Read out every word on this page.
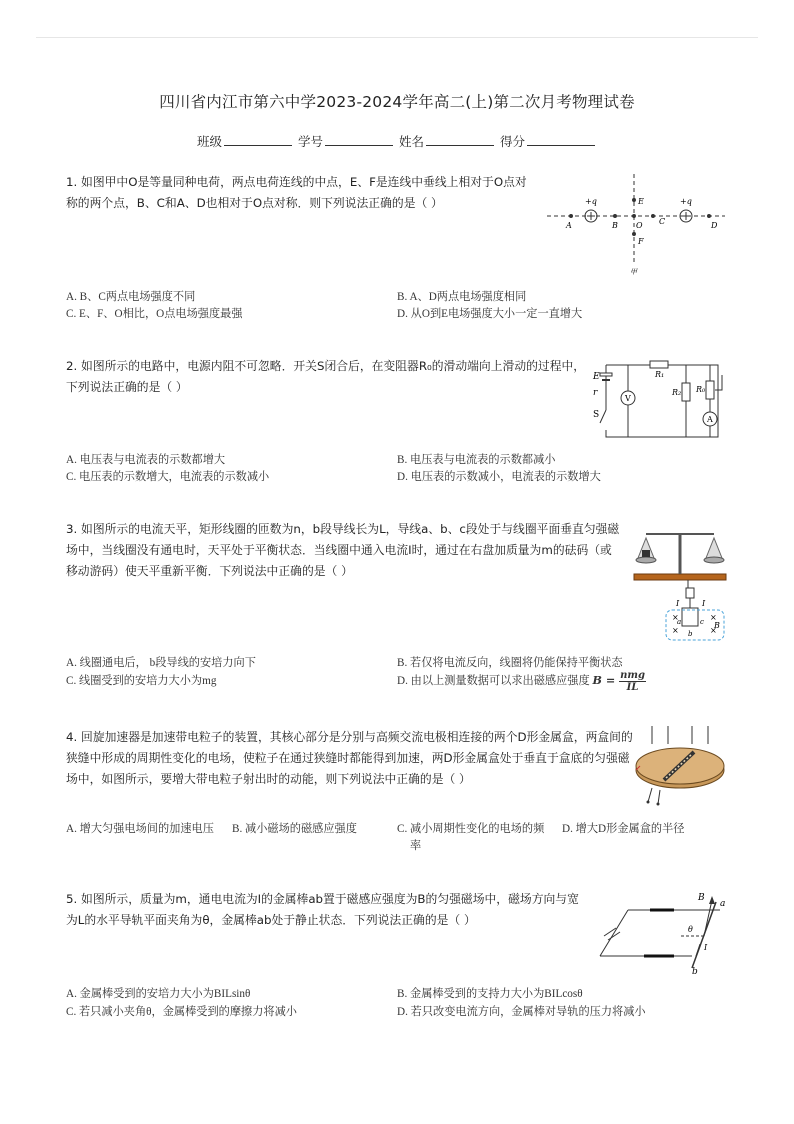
四川省内江市第六中学2023-2024学年高二(上)第二次月考物理试卷
班级	学号	姓名	得分
1. 如图甲中O是等量同种电荷，两点电荷连线的中点，E、F是连线中垂线上相对于O点对
称的两个点，B、C和A、D也相对于O点对称．则下列说法正确的是（ ）	+q	+q
A	B O C	D
E
F
甲
A. B、C两点电场强度不同	B. A、D两点电场强度相同
C. E、F、O相比，O点电场强度最强	D. 从O到E电场强度大小一定一直增大
2. 如图所示的电路中，电源内阻不可忽略．开关S闭合后，在变阻器R₀的滑动端向上滑动的过程中，
下列说法正确的是（ ）
E
r
S
R₁
R₂ R₀
V
A
A. 电压表与电流表的示数都增大	B. 电压表与电流表的示数都减小
C. 电压表的示数增大，电流表的示数减小	D. 电压表的示数减小，电流表的示数增大
3. 如图所示的电流天平，矩形线圈的匝数为n，b段导线长为L，导线a、b、c段处于与线圈平面垂直匀强磁
场中，当线圈没有通电时，天平处于平衡状态．当线圈中通入电流I时，通过在右盘加质量为m的砝码（或
移动游码）使天平重新平衡．下列说法中正确的是（ ）
×
×
×
×
I	I
a
b
c B
A. 线圈通电后， b段导线的安培力向下	B. 若仅将电流反向，线圈将仍能保持平衡状态
C. 线圈受到的安培力大小为mg	D. 由以上测量数据可以求出磁感应强度 B = nmg
IL
4. 回旋加速器是加速带电粒子的装置，其核心部分是分别与高频交流电极相连接的两个D形金属盒，两盒间的
狭缝中形成的周期性变化的电场，使粒子在通过狭缝时都能得到加速，两D形金属盒处于垂直于盒底的匀强磁
场中，如图所示，要增大带电粒子射出时的动能，则下列说法中正确的是（ ）
A. 增大匀强电场间的加速电压 B. 减小磁场的磁感应强度	C. 减小周期性变化的电场的频
率
D. 增大D形金属盒的半径
5. 如图所示，质量为m，通电电流为I的金属棒ab置于磁感应强度为B的匀强磁场中，磁场方向与宽
为L的水平导轨平面夹角为θ，金属棒ab处于静止状态．下列说法正确的是（ ）
B
θ
I
a
b
A. 金属棒受到的安培力大小为BILsinθ	B. 金属棒受到的支持力大小为BILcosθ
C. 若只减小夹角θ，金属棒受到的摩擦力将减小	D. 若只改变电流方向，金属棒对导轨的压力将减小
